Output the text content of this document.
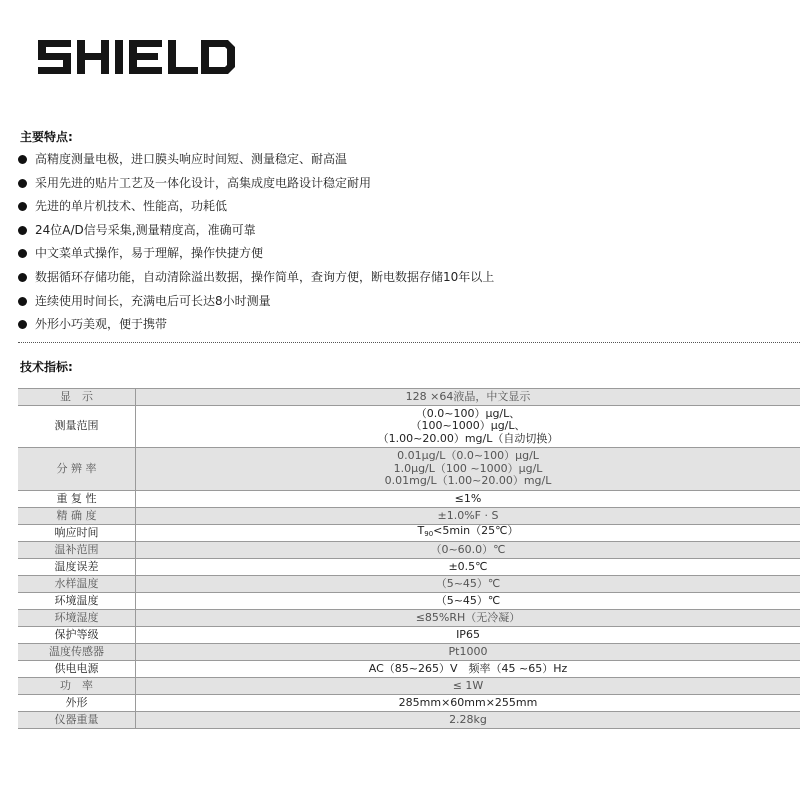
主要特点:
高精度测量电极，进口膜头响应时间短、测量稳定、耐高温
采用先进的贴片工艺及一体化设计，高集成度电路设计稳定耐用
先进的单片机技术、性能高，功耗低
24位A/D信号采集,测量精度高，准确可靠
中文菜单式操作，易于理解，操作快捷方便
数据循环存储功能，自动清除溢出数据，操作简单，查询方便，断电数据存储10年以上
连续使用时间长，充满电后可长达8小时测量
外形小巧美观，便于携带
技术指标:
显　示	128 ×64液晶，中文显示
测量范围	（0.0~100）μg/L、
（100~1000）μg/L、
（1.00~20.00）mg/L（自动切换）

分 辨 率	0.01μg/L（0.0~100）μg/L
1.0μg/L（100 ~1000）μg/L
0.01mg/L（1.00~20.00）mg/L

重 复 性	≤1%
精 确 度	±1.0%F · S
响应时间	$T_{90}<5\min(25℃)$
温补范围	（0~60.0）℃
温度误差	±0.5℃
水样温度	（5~45）℃
环境温度	（5~45）℃
环境湿度	≤85%RH（无冷凝）
保护等级	IP65
温度传感器	Pt1000
供电电源	AC（85~265）V　频率（45 ~65）Hz
功　率	≤ 1W
外形	285mm×60mm×255mm
仪器重量	2.28kg
